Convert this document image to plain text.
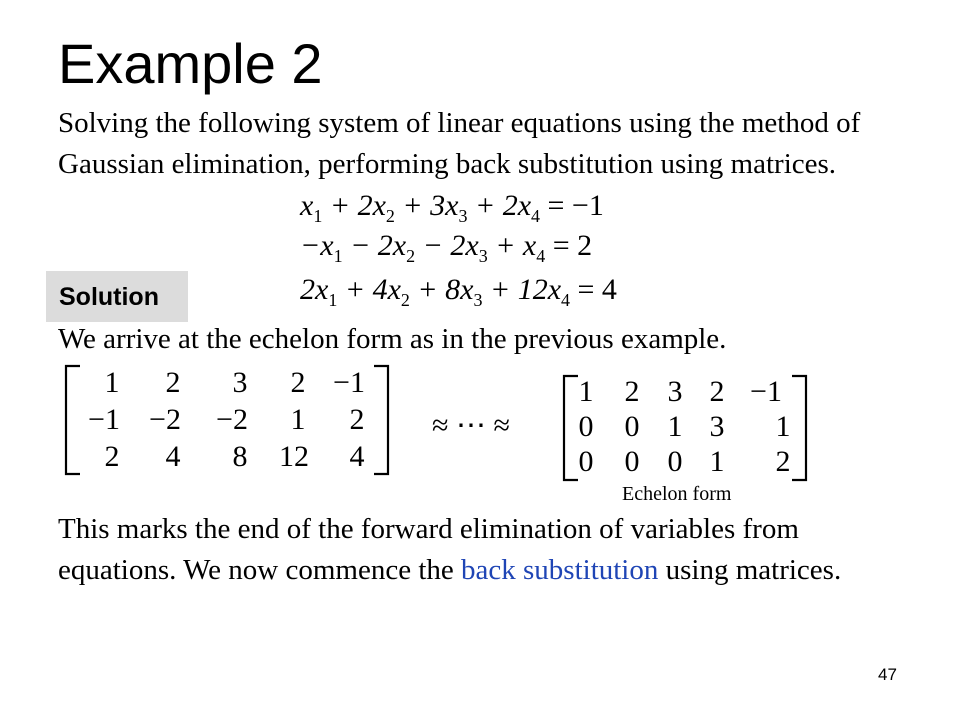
Example 2
Solving the following system of linear equations using the method of Gaussian elimination, performing back substitution using matrices.
Solution
$x_1 + 2x_2 + 3x_3 + 2x_4 = -1$
$-x_1 - 2x_2 - 2x_3 + x_4 = 2$
$2x_1 + 4x_2 + 8x_3 + 12x_4 = 4$
We arrive at the echelon form as in the previous example.
1 2 3 2 −1
−1 −2 −2 1 2
2 4 8 12 4
≈ ⋯ ≈
1 2 3 2 −1
0 0 1 3 1
0 0 0 1 2
Echelon form
This marks the end of the forward elimination of variables from equations. We now commence the back substitution using matrices.
47
